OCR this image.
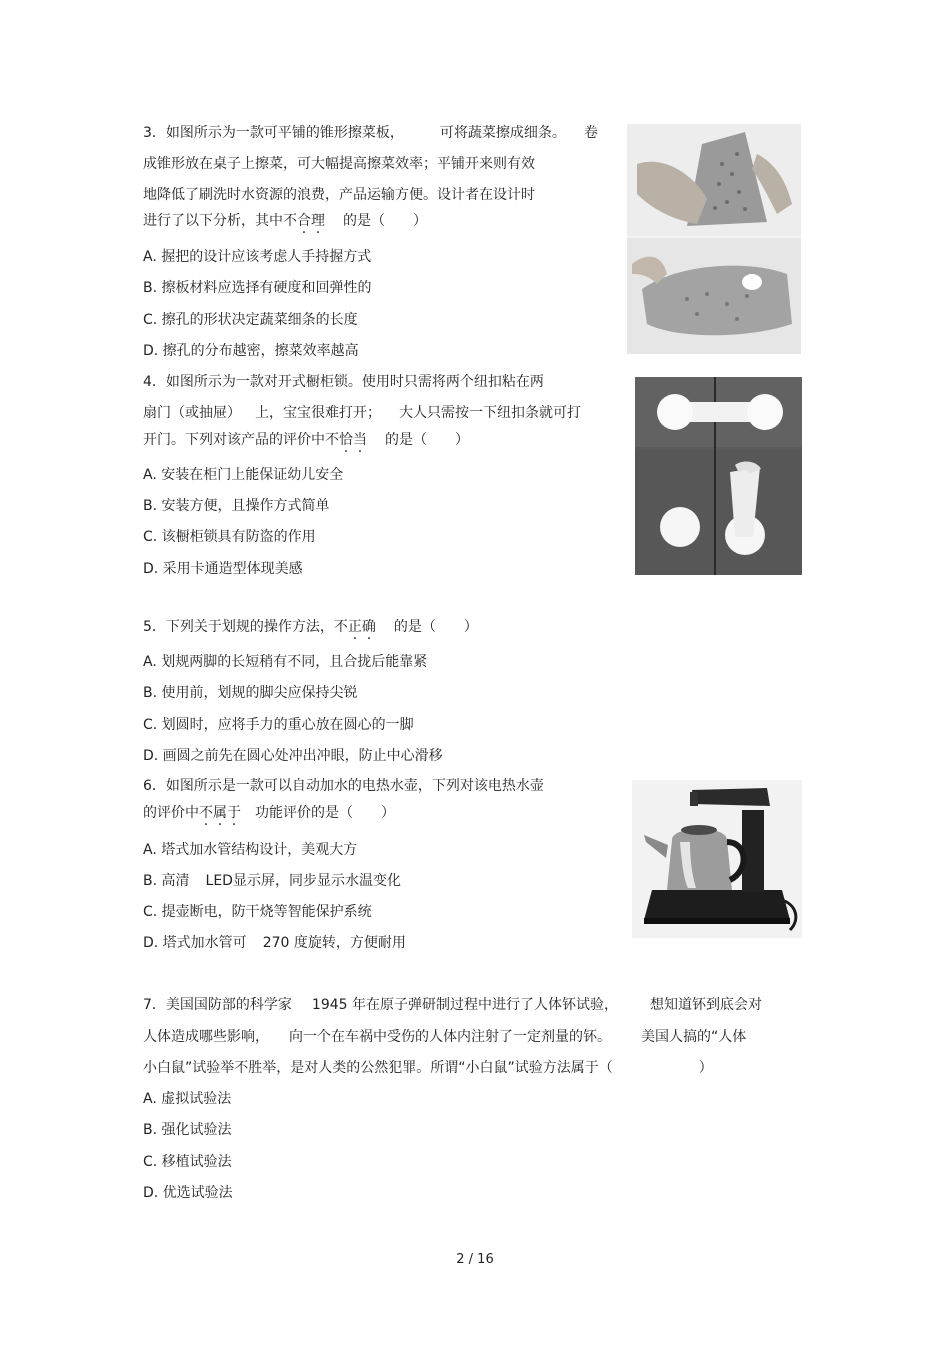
3．如图所示为一款可平铺的锥形擦菜板，	可将蔬菜擦成细条。 卷
成锥形放在桌子上擦菜，可大幅提高擦菜效率；平铺开来则有效
地降低了刷洗时水资源的浪费，产品运输方便。设计者在设计时
进行了以下分析，其中不合理 的是（　　）
A. 握把的设计应该考虑人手持握方式
B. 擦板材料应选择有硬度和回弹性的
C. 擦孔的形状决定蔬菜细条的长度
D. 擦孔的分布越密，擦菜效率越高
4．如图所示为一款对开式橱柜锁。使用时只需将两个纽扣粘在两
扇门（或抽屉） 上，宝宝很难打开； 大人只需按一下纽扣条就可打
开门。下列对该产品的评价中不恰当 的是（　　）
A. 安装在柜门上能保证幼儿安全
B. 安装方便，且操作方式简单
C. 该橱柜锁具有防盗的作用
D. 采用卡通造型体现美感
5．下列关于划规的操作方法，不正确 的是（　　）
A. 划规两脚的长短稍有不同，且合拢后能靠紧
B. 使用前，划规的脚尖应保持尖锐
C. 划圆时，应将手力的重心放在圆心的一脚
D. 画圆之前先在圆心处冲出冲眼，防止中心滑移
6．如图所示是一款可以自动加水的电热水壶，下列对该电热水壶
的评价中不属于 功能评价的是（　　）
A. 塔式加水管结构设计，美观大方
B. 高清 LED显示屏，同步显示水温变化
C. 提壶断电，防干烧等智能保护系统
D. 塔式加水管可 270 度旋转，方便耐用
7．美国国防部的科学家 1945 年在原子弹研制过程中进行了人体钚试验， 想知道钚到底会对
人体造成哪些影响， 向一个在车祸中受伤的人体内注射了一定剂量的钚。 美国人搞的“人体
小白鼠”试验举不胜举，是对人类的公然犯罪。所谓“小白鼠”试验方法属于（	）
A. 虚拟试验法
B. 强化试验法
C. 移植试验法
D. 优选试验法
2 / 16
